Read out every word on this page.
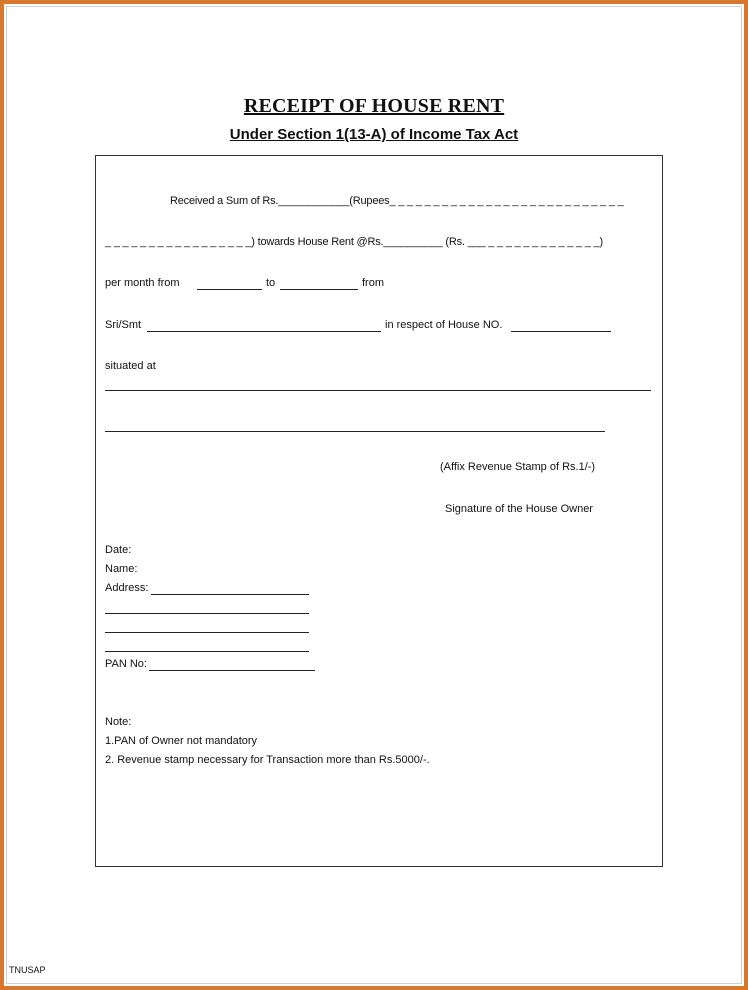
RECEIPT OF HOUSE RENT
Under Section 1(13-A) of Income Tax Act
Received a Sum of Rs.____________(Rupees_ _ _ _ _ _ _ _ _ _ _ _ _ _ _ _ _ _ _ _ _ _ _ _ _ _ _
_ _ _ _ _ _ _ _ _ _ _ _ _ _ _ _ _) towards House Rent @Rs.__________ (Rs. ___ _ _ _ _ _ _ _ _ _ _ _ _ _)
per month from	to	from
Sri/Smt	in respect of House NO.
situated at
(Affix Revenue Stamp of Rs.1/-)
Signature of the House Owner
Date:
Name:
Address:
PAN No:
Note:
1.PAN of Owner not mandatory
2. Revenue stamp necessary for Transaction more than Rs.5000/-.
TNUSAP
